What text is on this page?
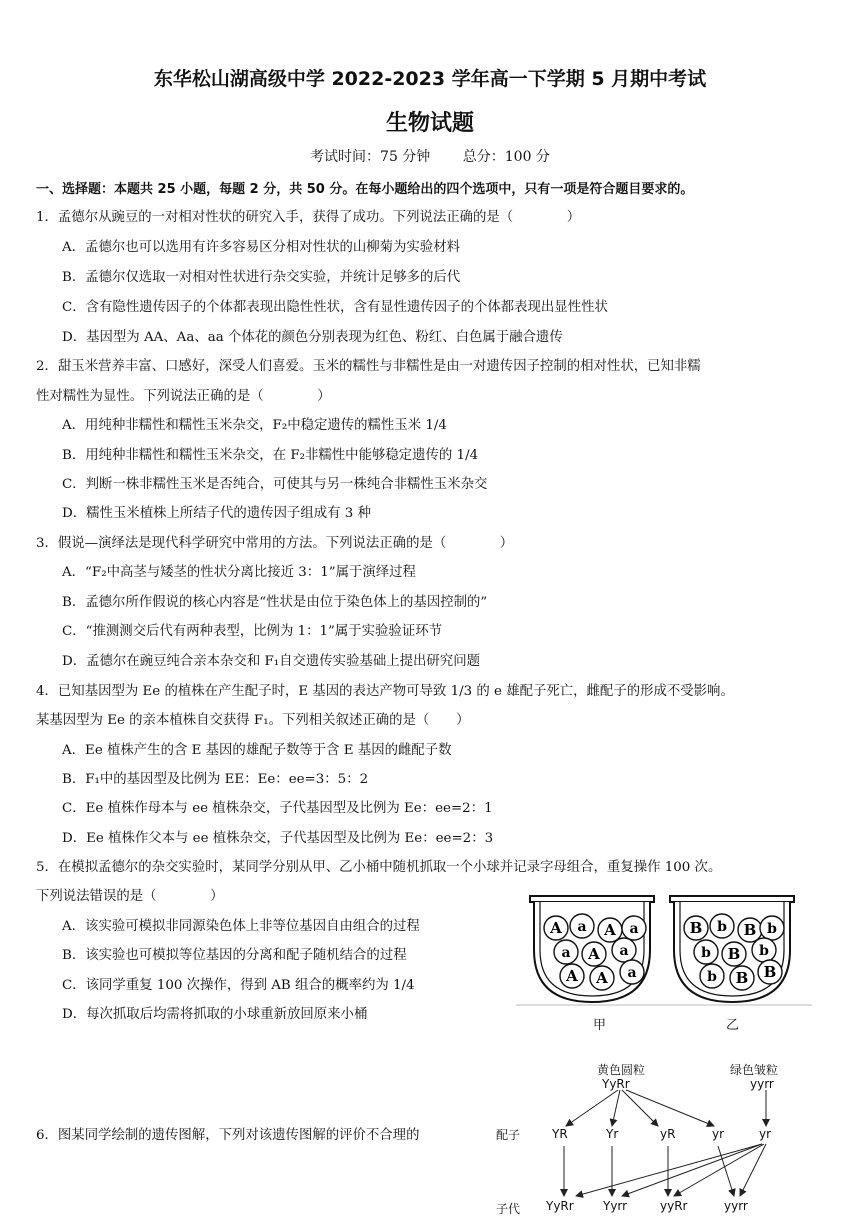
东华松山湖高级中学 2022-2023 学年高一下学期 5 月期中考试
生物试题
考试时间：75 分钟 总分：100 分
一、选择题：本题共 25 小题，每题 2 分，共 50 分。在每小题给出的四个选项中，只有一项是符合题目要求的。
1．孟德尔从豌豆的一对相对性状的研究入手，获得了成功。下列说法正确的是（　　　　）
A．孟德尔也可以选用有许多容易区分相对性状的山柳菊为实验材料
B．孟德尔仅选取一对相对性状进行杂交实验，并统计足够多的后代
C．含有隐性遗传因子的个体都表现出隐性性状，含有显性遗传因子的个体都表现出显性性状
D．基因型为 AA、Aa、aa 个体花的颜色分别表现为红色、粉红、白色属于融合遗传
2．甜玉米营养丰富、口感好，深受人们喜爱。玉米的糯性与非糯性是由一对遗传因子控制的相对性状，已知非糯
性对糯性为显性。下列说法正确的是（　　　　）
A．用纯种非糯性和糯性玉米杂交，F₂中稳定遗传的糯性玉米 1/4
B．用纯种非糯性和糯性玉米杂交，在 F₂非糯性中能够稳定遗传的 1/4
C．判断一株非糯性玉米是否纯合，可使其与另一株纯合非糯性玉米杂交
D．糯性玉米植株上所结子代的遗传因子组成有 3 种
3．假说—演绎法是现代科学研究中常用的方法。下列说法正确的是（　　　　）
A．“F₂中高茎与矮茎的性状分离比接近 3：1”属于演绎过程
B．孟德尔所作假说的核心内容是“性状是由位于染色体上的基因控制的”
C．“推测测交后代有两种表型，比例为 1：1”属于实验验证环节
D．孟德尔在豌豆纯合亲本杂交和 F₁自交遗传实验基础上提出研究问题
4．已知基因型为 Ee 的植株在产生配子时，E 基因的表达产物可导致 1/3 的 e 雄配子死亡，雌配子的形成不受影响。
某基因型为 Ee 的亲本植株自交获得 F₁。下列相关叙述正确的是（　　）
A．Ee 植株产生的含 E 基因的雄配子数等于含 E 基因的雌配子数
B．F₁中的基因型及比例为 EE：Ee：ee=3：5：2
C．Ee 植株作母本与 ee 植株杂交，子代基因型及比例为 Ee：ee=2：1
D．Ee 植株作父本与 ee 植株杂交，子代基因型及比例为 Ee：ee=2：3
5．在模拟孟德尔的杂交实验时，某同学分别从甲、乙小桶中随机抓取一个小球并记录字母组合，重复操作 100 次。
下列说法错误的是（　　　　）
A．该实验可模拟非同源染色体上非等位基因自由组合的过程
B．该实验也可模拟等位基因的分离和配子随机结合的过程
C．该同学重复 100 次操作，得到 AB 组合的概率约为 1/4
D．每次抓取后均需将抓取的小球重新放回原来小桶
A a A a
a A a
A A a
B b B b
b B b
b B B
甲	乙
6．图某同学绘制的遗传图解，下列对该遗传图解的评价不合理的
黄色圆粒
YyRr
绿色皱粒
yyrr
配子
子代
YR	Yr	yR	yr	yr
YyRr Yyrr	yyRr	yyrr
